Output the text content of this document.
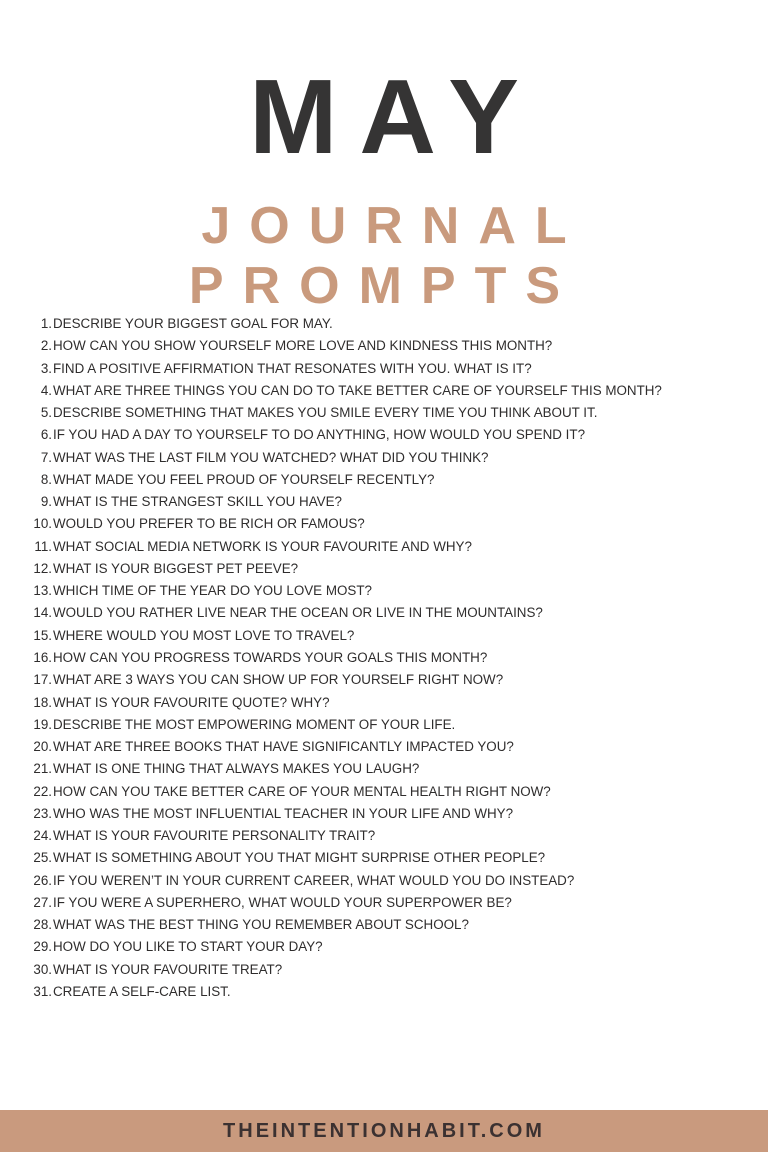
MAY
JOURNAL PROMPTS
1. DESCRIBE YOUR BIGGEST GOAL FOR MAY.
2. HOW CAN YOU SHOW YOURSELF MORE LOVE AND KINDNESS THIS MONTH?
3. FIND A POSITIVE AFFIRMATION THAT RESONATES WITH YOU. WHAT IS IT?
4. WHAT ARE THREE THINGS YOU CAN DO TO TAKE BETTER CARE OF YOURSELF THIS MONTH?
5. DESCRIBE SOMETHING THAT MAKES YOU SMILE EVERY TIME YOU THINK ABOUT IT.
6. IF YOU HAD A DAY TO YOURSELF TO DO ANYTHING, HOW WOULD YOU SPEND IT?
7. WHAT WAS THE LAST FILM YOU WATCHED? WHAT DID YOU THINK?
8. WHAT MADE YOU FEEL PROUD OF YOURSELF RECENTLY?
9. WHAT IS THE STRANGEST SKILL YOU HAVE?
10. WOULD YOU PREFER TO BE RICH OR FAMOUS?
11. WHAT SOCIAL MEDIA NETWORK IS YOUR FAVOURITE AND WHY?
12. WHAT IS YOUR BIGGEST PET PEEVE?
13. WHICH TIME OF THE YEAR DO YOU LOVE MOST?
14. WOULD YOU RATHER LIVE NEAR THE OCEAN OR LIVE IN THE MOUNTAINS?
15. WHERE WOULD YOU MOST LOVE TO TRAVEL?
16. HOW CAN YOU PROGRESS TOWARDS YOUR GOALS THIS MONTH?
17. WHAT ARE 3 WAYS YOU CAN SHOW UP FOR YOURSELF RIGHT NOW?
18. WHAT IS YOUR FAVOURITE QUOTE? WHY?
19. DESCRIBE THE MOST EMPOWERING MOMENT OF YOUR LIFE.
20. WHAT ARE THREE BOOKS THAT HAVE SIGNIFICANTLY IMPACTED YOU?
21. WHAT IS ONE THING THAT ALWAYS MAKES YOU LAUGH?
22. HOW CAN YOU TAKE BETTER CARE OF YOUR MENTAL HEALTH RIGHT NOW?
23. WHO WAS THE MOST INFLUENTIAL TEACHER IN YOUR LIFE AND WHY?
24. WHAT IS YOUR FAVOURITE PERSONALITY TRAIT?
25. WHAT IS SOMETHING ABOUT YOU THAT MIGHT SURPRISE OTHER PEOPLE?
26. IF YOU WEREN’T IN YOUR CURRENT CAREER, WHAT WOULD YOU DO INSTEAD?
27. IF YOU WERE A SUPERHERO, WHAT WOULD YOUR SUPERPOWER BE?
28. WHAT WAS THE BEST THING YOU REMEMBER ABOUT SCHOOL?
29. HOW DO YOU LIKE TO START YOUR DAY?
30. WHAT IS YOUR FAVOURITE TREAT?
31. CREATE A SELF-CARE LIST.
THEINTENTIONHABIT.COM
